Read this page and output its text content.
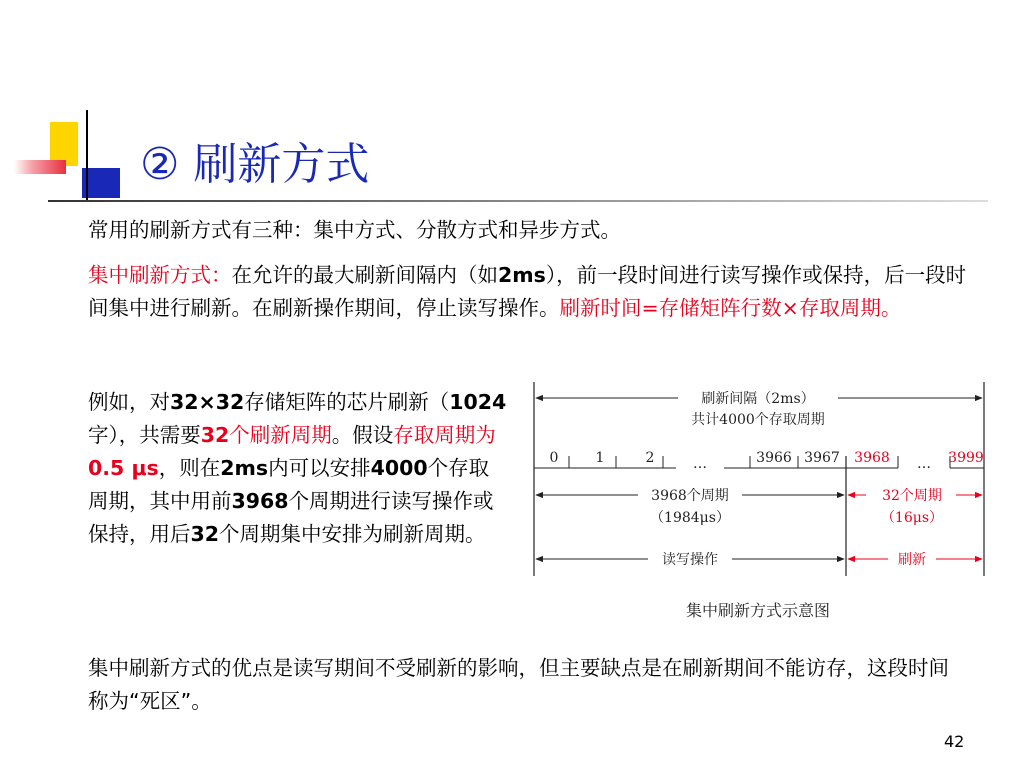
② 刷新方式
常用的刷新方式有三种：集中方式、分散方式和异步方式。
集中刷新方式：在允许的最大刷新间隔内（如2ms），前一段时间进行读写操作或保持，后一段时间集中进行刷新。在刷新操作期间，停止读写操作。刷新时间=存储矩阵行数×存取周期。
例如，对32×32存储矩阵的芯片刷新（1024字），共需要32个刷新周期。假设存取周期为0.5 μs，则在2ms内可以安排4000个存取周期，其中用前3968个周期进行读写操作或保持，用后32个周期集中安排为刷新周期。
刷新间隔（2ms）
共计4000个存取周期
0	1	2	…	3966 3967 3968 … 3999
3968个周期
（1984μs）
32个周期
（16μs）
读写操作	刷新
集中刷新方式示意图
集中刷新方式的优点是读写期间不受刷新的影响，但主要缺点是在刷新期间不能访存，这段时间称为“死区”。
42
